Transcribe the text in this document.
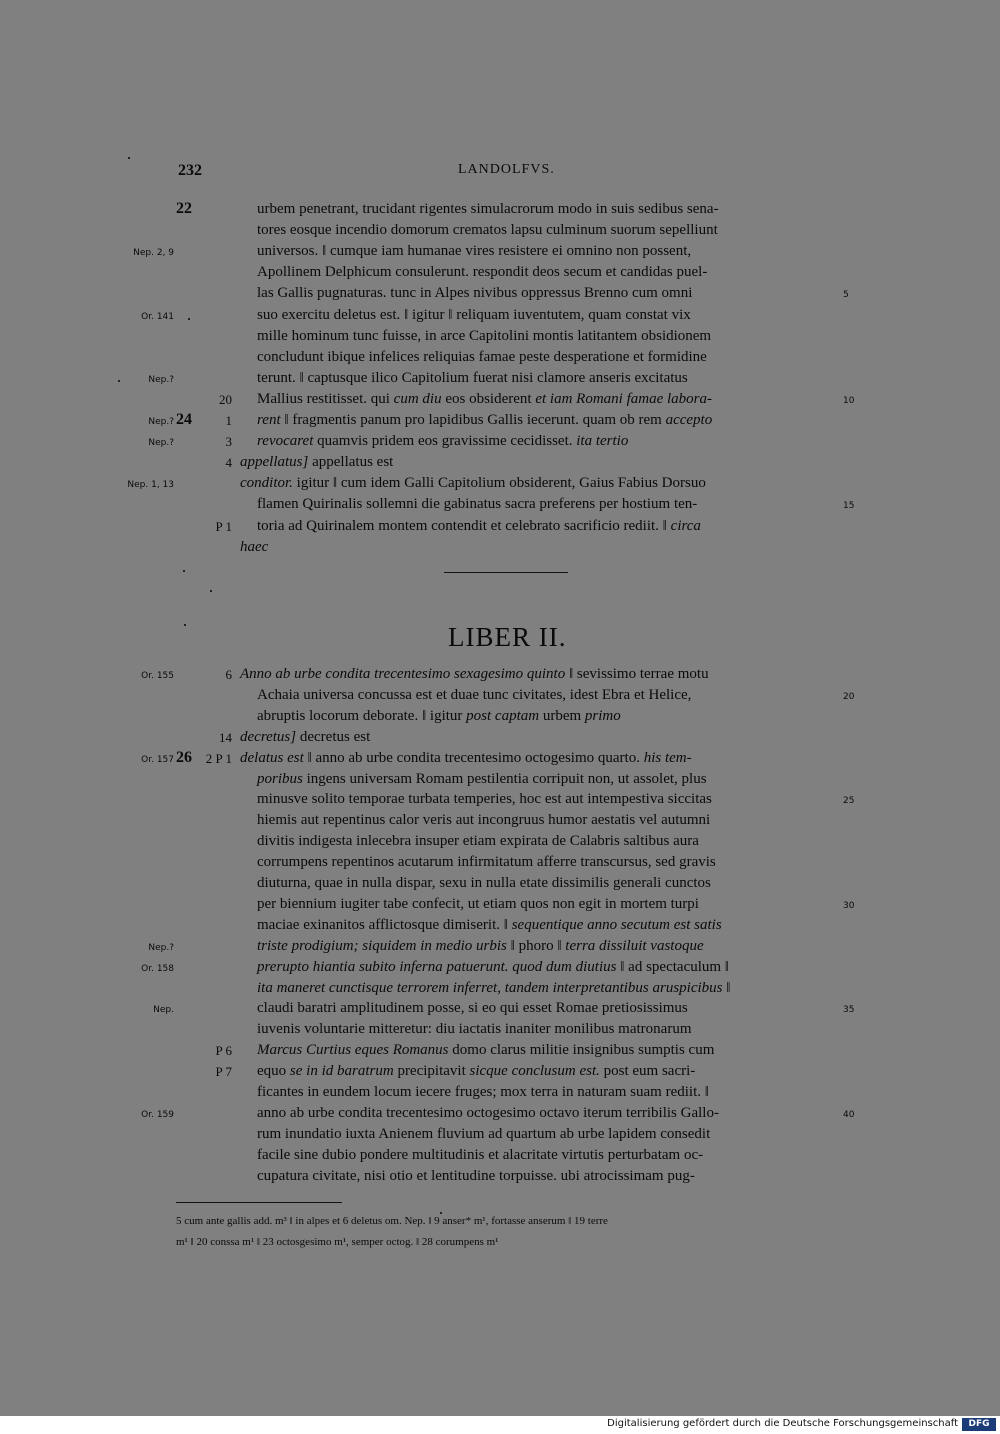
232	LANDOLFVS.
22	urbem penetrant, trucidant rigentes simulacrorum modo in suis sedibus sena-
tores eosque incendio domorum crematos lapsu culminum suorum sepelliunt
Nep. 2, 9	universos. ‖ cumque iam humanae vires resistere ei omnino non possent,
Apollinem Delphicum consulerunt. respondit deos secum et candidas puel-
las Gallis pugnaturas. tunc in Alpes nivibus oppressus Brenno cum omni	5
Or. 141	suo exercitu deletus est. ‖ igitur ‖ reliquam iuventutem, quam constat vix
mille hominum tunc fuisse, in arce Capitolini montis latitantem obsidionem
concludunt ibique infelices reliquias famae peste desperatione et formidine
Nep.?	terunt. ‖ captusque ilico Capitolium fuerat nisi clamore anseris excitatus
20 Mallius restitisset. qui cum diu eos obsiderent et iam Romani famae labora-	10
Nep.? 24	1 rent ‖ fragmentis panum pro lapidibus Gallis iecerunt. quam ob rem accepto
Nep.?	3 revocaret quamvis pridem eos gravissime cecidisset. ita tertio
4 appellatus] appellatus est
Nep. 1, 13	conditor. igitur ‖ cum idem Galli Capitolium obsiderent, Gaius Fabius Dorsuo
flamen Quirinalis sollemni die gabinatus sacra preferens per hostium ten-	15
P 1 toria ad Quirinalem montem contendit et celebrato sacrificio rediit. ‖ circa
haec
LIBER II.
Or. 155	6 Anno ab urbe condita trecentesimo sexagesimo quinto ‖ sevissimo terrae motu
Achaia universa concussa est et duae tunc civitates, idest Ebra et Helice,	20
abruptis locorum deborate. ‖ igitur post captam urbem primo
14 decretus] decretus est
Or. 157 26 2 P 1 delatus est ‖ anno ab urbe condita trecentesimo octogesimo quarto. his tem-
poribus ingens universam Romam pestilentia corripuit non, ut assolet, plus
minusve solito temporae turbata temperies, hoc est aut intempestiva siccitas	25
hiemis aut repentinus calor veris aut incongruus humor aestatis vel autumni
divitis indigesta inlecebra insuper etiam expirata de Calabris saltibus aura
corrumpens repentinos acutarum infirmitatum afferre transcursus, sed gravis
diuturna, quae in nulla dispar, sexu in nulla etate dissimilis generali cunctos
per biennium iugiter tabe confecit, ut etiam quos non egit in mortem turpi	30
maciae exinanitos afflictosque dimiserit. ‖ sequentique anno secutum est satis
Nep.?	triste prodigium; siquidem in medio urbis ‖ phoro ‖ terra dissiluit vastoque
Or. 158	prerupto hiantia subito inferna patuerunt. quod dum diutius ‖ ad spectaculum ‖
ita maneret cunctisque terrorem inferret, tandem interpretantibus aruspicibus ‖
Nep.	claudi baratri amplitudinem posse, si eo qui esset Romae pretiosissimus	35
iuvenis voluntarie mitteretur: diu iactatis inaniter monilibus matronarum
P 6 Marcus Curtius eques Romanus domo clarus militie insignibus sumptis cum
P 7 equo se in id baratrum precipitavit sicque conclusum est. post eum sacri-
ficantes in eundem locum iecere fruges; mox terra in naturam suam rediit. ‖
Or. 159	anno ab urbe condita trecentesimo octogesimo octavo iterum terribilis Gallo-	40
rum inundatio iuxta Anienem fluvium ad quartum ab urbe lapidem consedit
facile sine dubio pondere multitudinis et alacritate virtutis perturbatam oc-
cupatura civitate, nisi otio et lentitudine torpuisse. ubi atrocissimam pug-
5 cum ante gallis add. m³ ‖ in alpes et 6 deletus om. Nep. ‖ 9 anser* m¹, fortasse anserum ‖ 19 terre
m¹ ‖ 20 conssa m¹ ‖ 23 octosgesimo m¹, semper octog. ‖ 28 corumpens m¹
Digitalisierung gefördert durch die Deutsche Forschungsgemeinschaft	DFG
